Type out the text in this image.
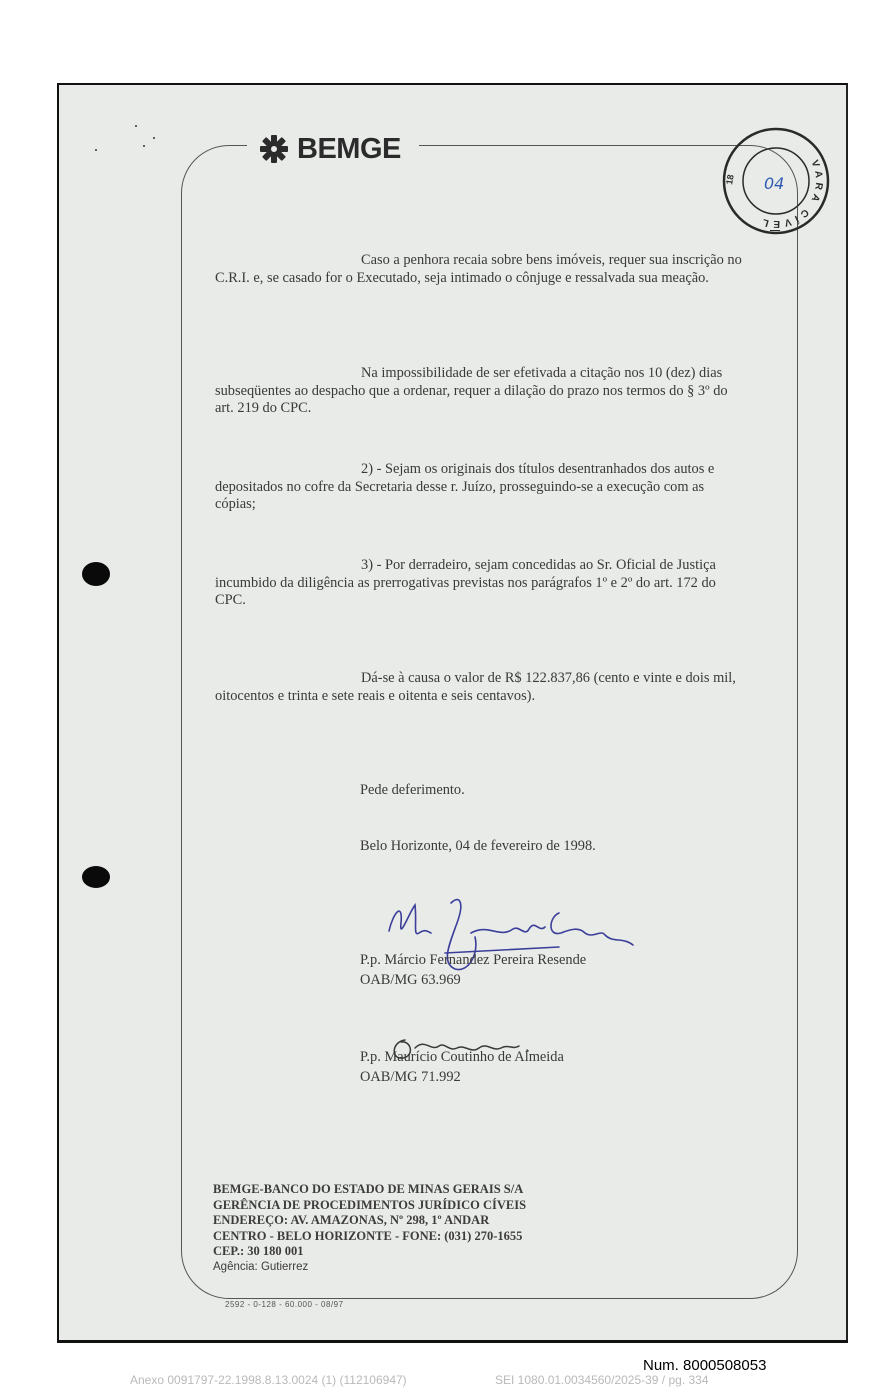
BEMGE
VARA CÍVEL
18 04
Caso a penhora recaia sobre bens imóveis, requer sua inscrição no
C.R.I. e, se casado for o Executado, seja intimado o cônjuge e ressalvada sua meação.
Na impossibilidade de ser efetivada a citação nos 10 (dez) dias
subseqüentes ao despacho que a ordenar, requer a dilação do prazo nos termos do § 3º do
art. 219 do CPC.
2) - Sejam os originais dos títulos desentranhados dos autos e
depositados no cofre da Secretaria desse r. Juízo, prosseguindo-se a execução com as
cópias;
3) - Por derradeiro, sejam concedidas ao Sr. Oficial de Justiça
incumbido da diligência as prerrogativas previstas nos parágrafos 1º e 2º do art. 172 do
CPC.
Dá-se à causa o valor de R$ 122.837,86 (cento e vinte e dois mil,
oitocentos e trinta e sete reais e oitenta e seis centavos).
Pede deferimento.
Belo Horizonte, 04 de fevereiro de 1998.
P.p. Márcio Fernandez Pereira Resende
OAB/MG 63.969
P.p. Maurício Coutinho de Almeida
OAB/MG 71.992
BEMGE-BANCO DO ESTADO DE MINAS GERAIS S/A
GERÊNCIA DE PROCEDIMENTOS JURÍDICO CÍVEIS
ENDEREÇO: AV. AMAZONAS, Nº 298, 1º ANDAR
CENTRO - BELO HORIZONTE - FONE: (031) 270-1655
CEP.: 30 180 001
Agência: Gutierrez
2592 - 0-128 - 60.000 - 08/97
Num. 8000508053
Anexo 0091797-22.1998.8.13.0024 (1) (112106947)	SEI 1080.01.0034560/2025-39 / pg. 334
